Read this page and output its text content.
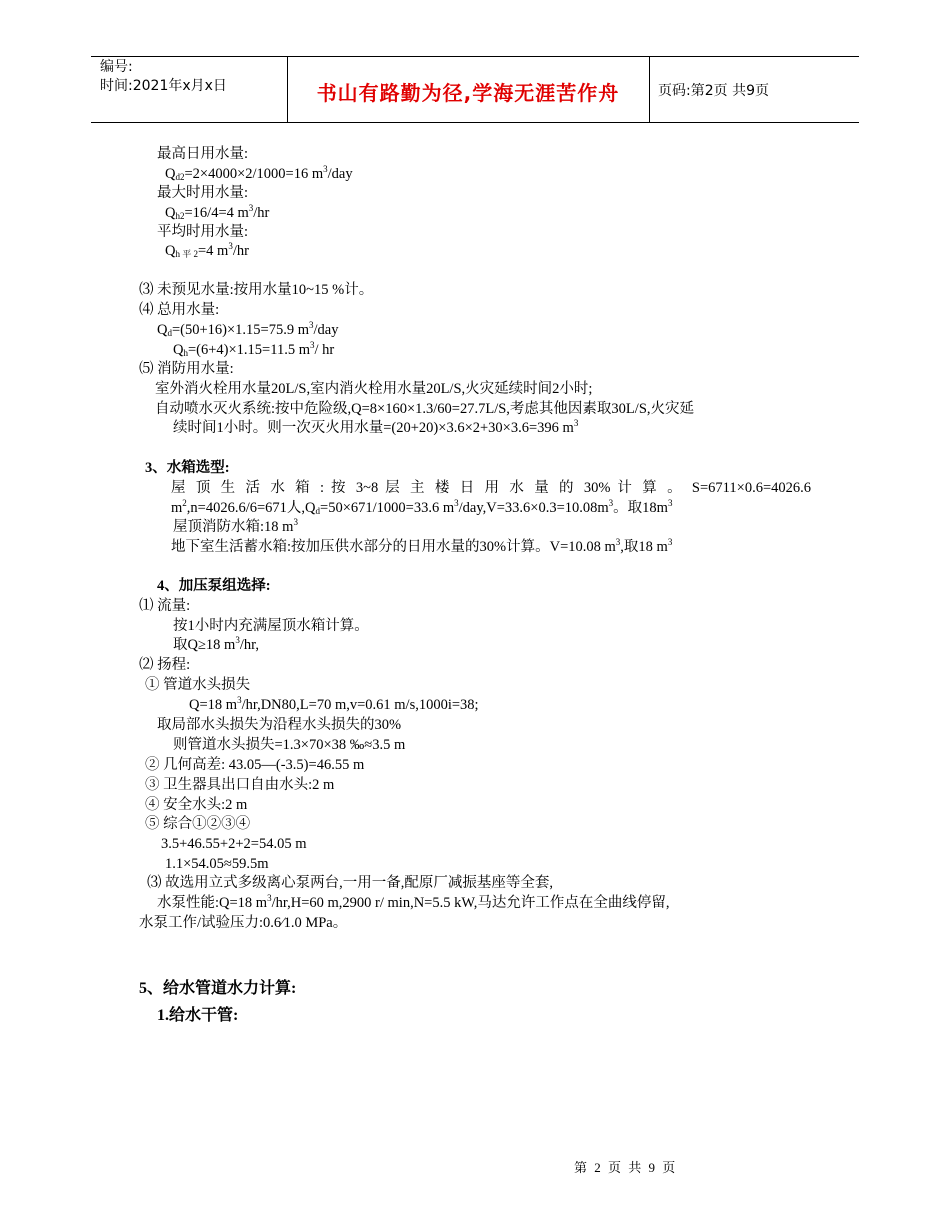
编号:
时间:2021年x月x日	书山有路勤为径,学海无涯苦作舟	页码:第2页 共9页
最高日用水量:
$Q_{d2}=2\times 4000\times 2/1000=16$ $m^3$/day
最大时用水量:
$Q_{h2}=16/4=4$ $m^3/hr$
平均时用水量:
$Q_{h 平 2}=4$ $m^3/hr$
⑶ 未预见水量:按用水量10~15 %计。
⑷ 总用水量:
$Q_d=(50+16)\times 1.15=75.9$ $m^3$/day
$Q_h=(6+4)\times 1.15=11.5$ $m^3/$ hr
⑸ 消防用水量:
室外消火栓用水量20L/S,室内消火栓用水量20L/S,火灾延续时间2小时;
自动喷水灭火系统:按中危险级,Q=8×160×1.3/60=27.7L/S,考虑其他因素取30L/S,火灾延
续时间1小时。则一次灭火用水量=(20+20)×3.6×2+30×3.6=396 $m^3$
3、水箱选型:
屋 顶 生 活 水 箱 : 按 3~8 层 主 楼 日 用 水 量 的 30% 计 算 。 S=6711×0.6=4026.6
$m^2,n=4026.6/6=671$人$,Q_d=50\times 671/1000=33.6$ $m^3/day,V=33.6\times 0.3=10.08m^3$。取$18m^3$
屋顶消防水箱:18 $m^3$
地下室生活蓄水箱:按加压供水部分的日用水量的30%计算。V=10.08 $m^3$,取18 $m^3$
4、加压泵组选择:
⑴ 流量:
按1小时内充满屋顶水箱计算。
取Q≥18 $m^3/hr$,
⑵ 扬程:
① 管道水头损失
Q=18 $m^3/hr,DN80,L=70$ m,v=0.61 m/s,1000i=38;
取局部水头损失为沿程水头损失的30%
则管道水头损失=1.3×70×38 ‰≈3.5 m
② 几何高差: 43.05—(-3.5)=46.55 m
③ 卫生器具出口自由水头:2 m
④ 安全水头:2 m
⑤ 综合①②③④
3.5+46.55+2+2=54.05 m
1.1×54.05≈59.5m
⑶ 故选用立式多级离心泵两台,一用一备,配原厂减振基座等全套,
水泵性能:Q=18 $m^3/hr,H=60$ m,2900 r/ min,N=5.5 kW,马达允许工作点在全曲线停留,
水泵工作/试验压力:0.6⁄1.0 MPa。
5、给水管道水力计算:
1.给水干管:
第 2 页 共 9 页
